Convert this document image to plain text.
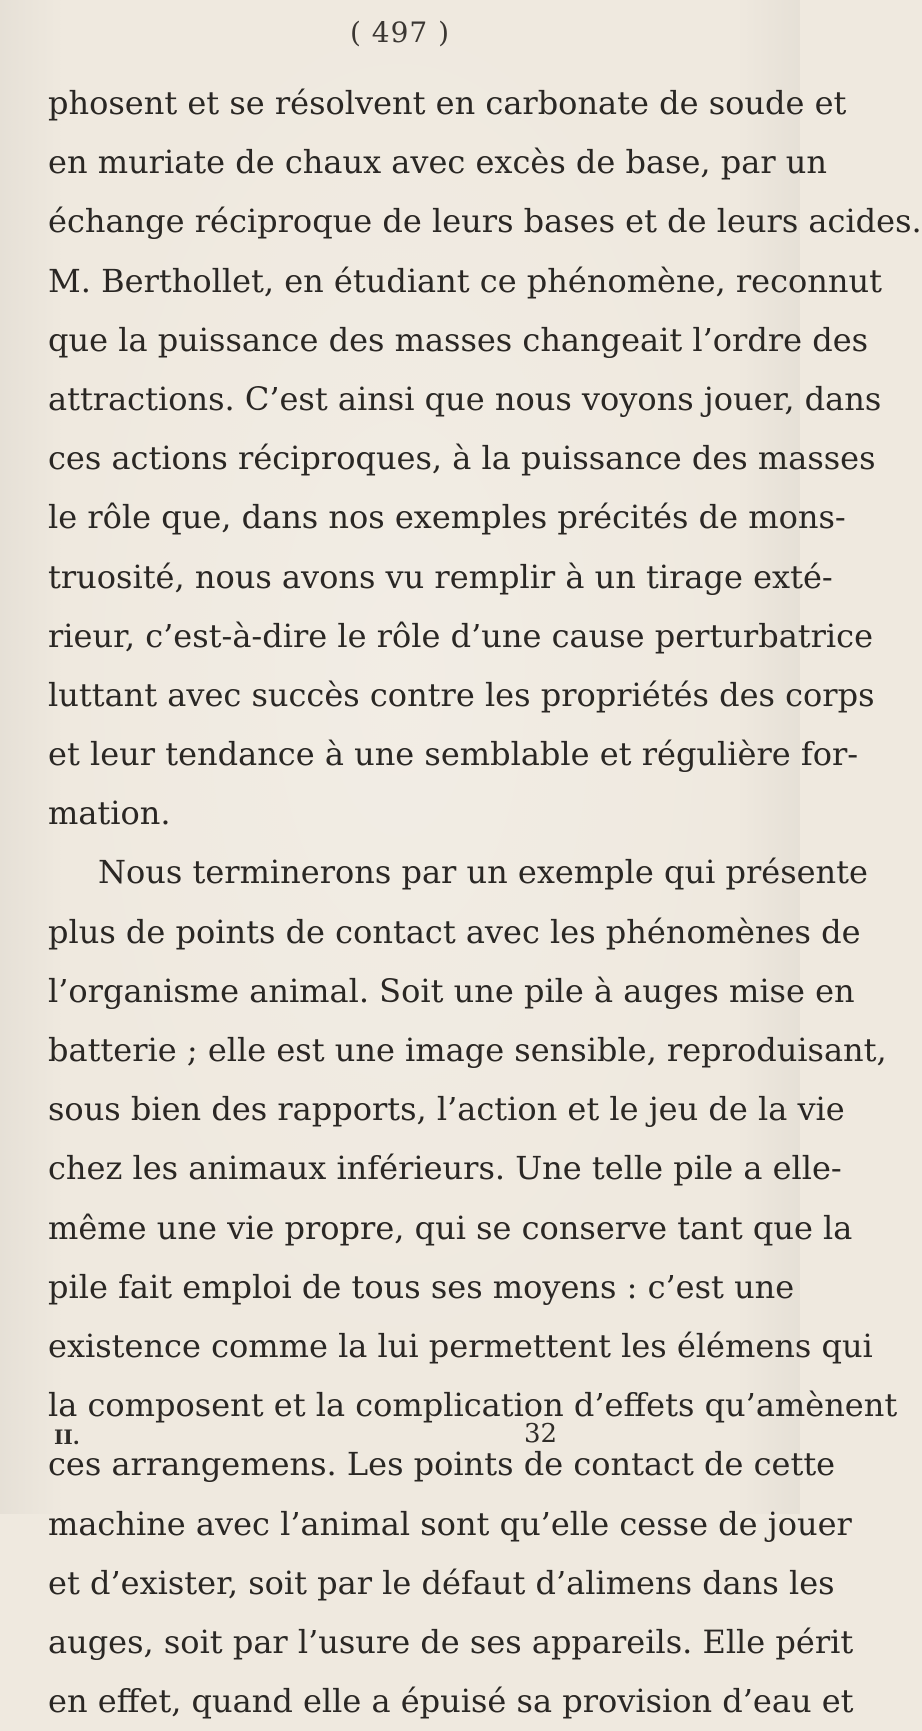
( 497 )
phosent et se résolvent en carbonate de soude et
en muriate de chaux avec excès de base, par un
échange réciproque de leurs bases et de leurs acides.
M. Berthollet, en étudiant ce phénomène, reconnut
que la puissance des masses changeait l’ordre des
attractions. C’est ainsi que nous voyons jouer, dans
ces actions réciproques, à la puissance des masses
le rôle que, dans nos exemples précités de mons-
truosité, nous avons vu remplir à un tirage exté-
rieur, c’est-à-dire le rôle d’une cause perturbatrice
luttant avec succès contre les propriétés des corps
et leur tendance à une semblable et régulière for-
mation.
Nous terminerons par un exemple qui présente
plus de points de contact avec les phénomènes de
l’organisme animal. Soit une pile à auges mise en
batterie ; elle est une image sensible, reproduisant,
sous bien des rapports, l’action et le jeu de la vie
chez les animaux inférieurs. Une telle pile a elle-
même une vie propre, qui se conserve tant que la
pile fait emploi de tous ses moyens : c’est une
existence comme la lui permettent les élémens qui
la composent et la complication d’effets qu’amènent
ces arrangemens. Les points de contact de cette
machine avec l’animal sont qu’elle cesse de jouer
et d’exister, soit par le défaut d’alimens dans les
auges, soit par l’usure de ses appareils. Elle périt
en effet, quand elle a épuisé sa provision d’eau et
II.	32
